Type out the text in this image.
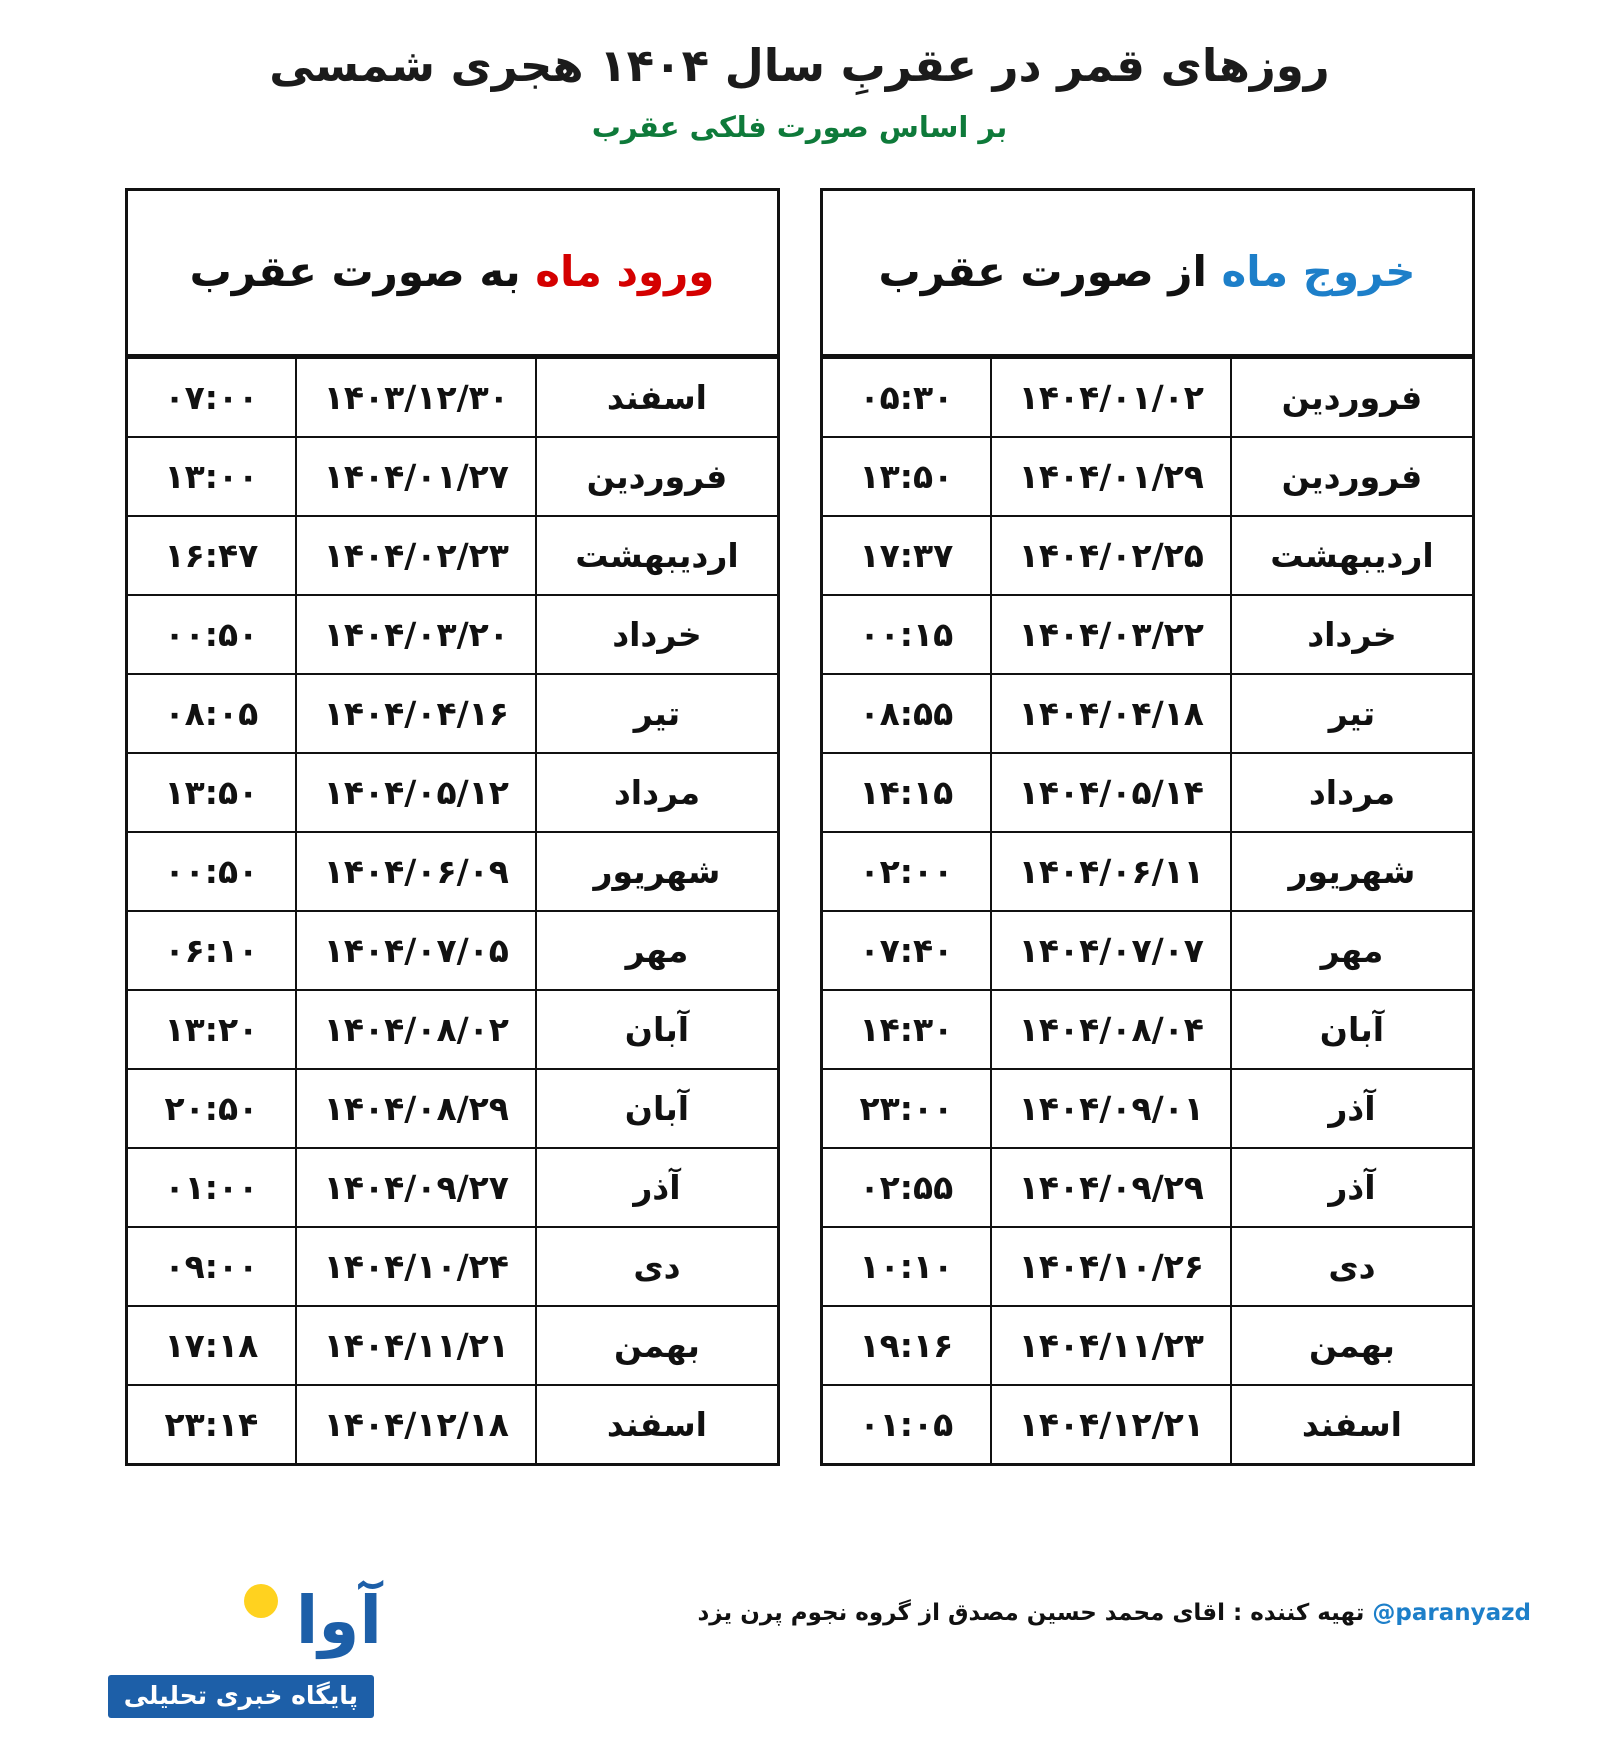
روزهای قمر در عقربِ سال ۱۴۰۴ هجری شمسی
بر اساس صورت فلکی عقرب
ورود ماه به صورت عقرب
اسفند	۱۴۰۳/۱۲/۳۰	۰۷:۰۰
فروردین	۱۴۰۴/۰۱/۲۷	۱۳:۰۰
اردیبهشت	۱۴۰۴/۰۲/۲۳	۱۶:۴۷
خرداد	۱۴۰۴/۰۳/۲۰	۰۰:۵۰
تیر	۱۴۰۴/۰۴/۱۶	۰۸:۰۵
مرداد	۱۴۰۴/۰۵/۱۲	۱۳:۵۰
شهریور	۱۴۰۴/۰۶/۰۹	۰۰:۵۰
مهر	۱۴۰۴/۰۷/۰۵	۰۶:۱۰
آبان	۱۴۰۴/۰۸/۰۲	۱۳:۲۰
آبان	۱۴۰۴/۰۸/۲۹	۲۰:۵۰
آذر	۱۴۰۴/۰۹/۲۷	۰۱:۰۰
دی	۱۴۰۴/۱۰/۲۴	۰۹:۰۰
بهمن	۱۴۰۴/۱۱/۲۱	۱۷:۱۸
اسفند	۱۴۰۴/۱۲/۱۸	۲۳:۱۴
خروج ماه از صورت عقرب
فروردین	۱۴۰۴/۰۱/۰۲	۰۵:۳۰
فروردین	۱۴۰۴/۰۱/۲۹	۱۳:۵۰
اردیبهشت	۱۴۰۴/۰۲/۲۵	۱۷:۳۷
خرداد	۱۴۰۴/۰۳/۲۲	۰۰:۱۵
تیر	۱۴۰۴/۰۴/۱۸	۰۸:۵۵
مرداد	۱۴۰۴/۰۵/۱۴	۱۴:۱۵
شهریور	۱۴۰۴/۰۶/۱۱	۰۲:۰۰
مهر	۱۴۰۴/۰۷/۰۷	۰۷:۴۰
آبان	۱۴۰۴/۰۸/۰۴	۱۴:۳۰
آذر	۱۴۰۴/۰۹/۰۱	۲۳:۰۰
آذر	۱۴۰۴/۰۹/۲۹	۰۲:۵۵
دی	۱۴۰۴/۱۰/۲۶	۱۰:۱۰
بهمن	۱۴۰۴/۱۱/۲۳	۱۹:۱۶
اسفند	۱۴۰۴/۱۲/۲۱	۰۱:۰۵
@paranyazd تهیه کننده : اقای محمد حسین مصدق از گروه نجوم پرن یزد
آوا
پایگاه خبری تحلیلی
